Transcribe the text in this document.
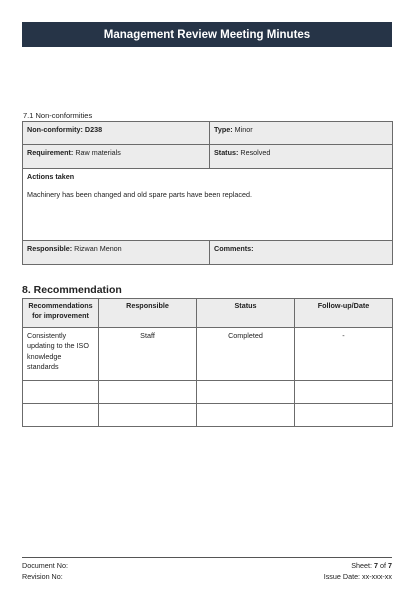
Management Review Meeting Minutes
7.1 Non-conformities
Non-conformity: D238	Type: Minor
Requirement: Raw materials	Status: Resolved

Actions taken
Machinery has been changed and old spare parts have been replaced.	

Responsible: Rizwan Menon	Comments:
8. Recommendation
Recommendations for improvement	Responsible	Status	Follow-up/Date
Consistently updating to the ISO knowledge standards	Staff	Completed	-

Document No:
Revision No:
Sheet: 7 of 7
Issue Date: xx-xxx-xx
